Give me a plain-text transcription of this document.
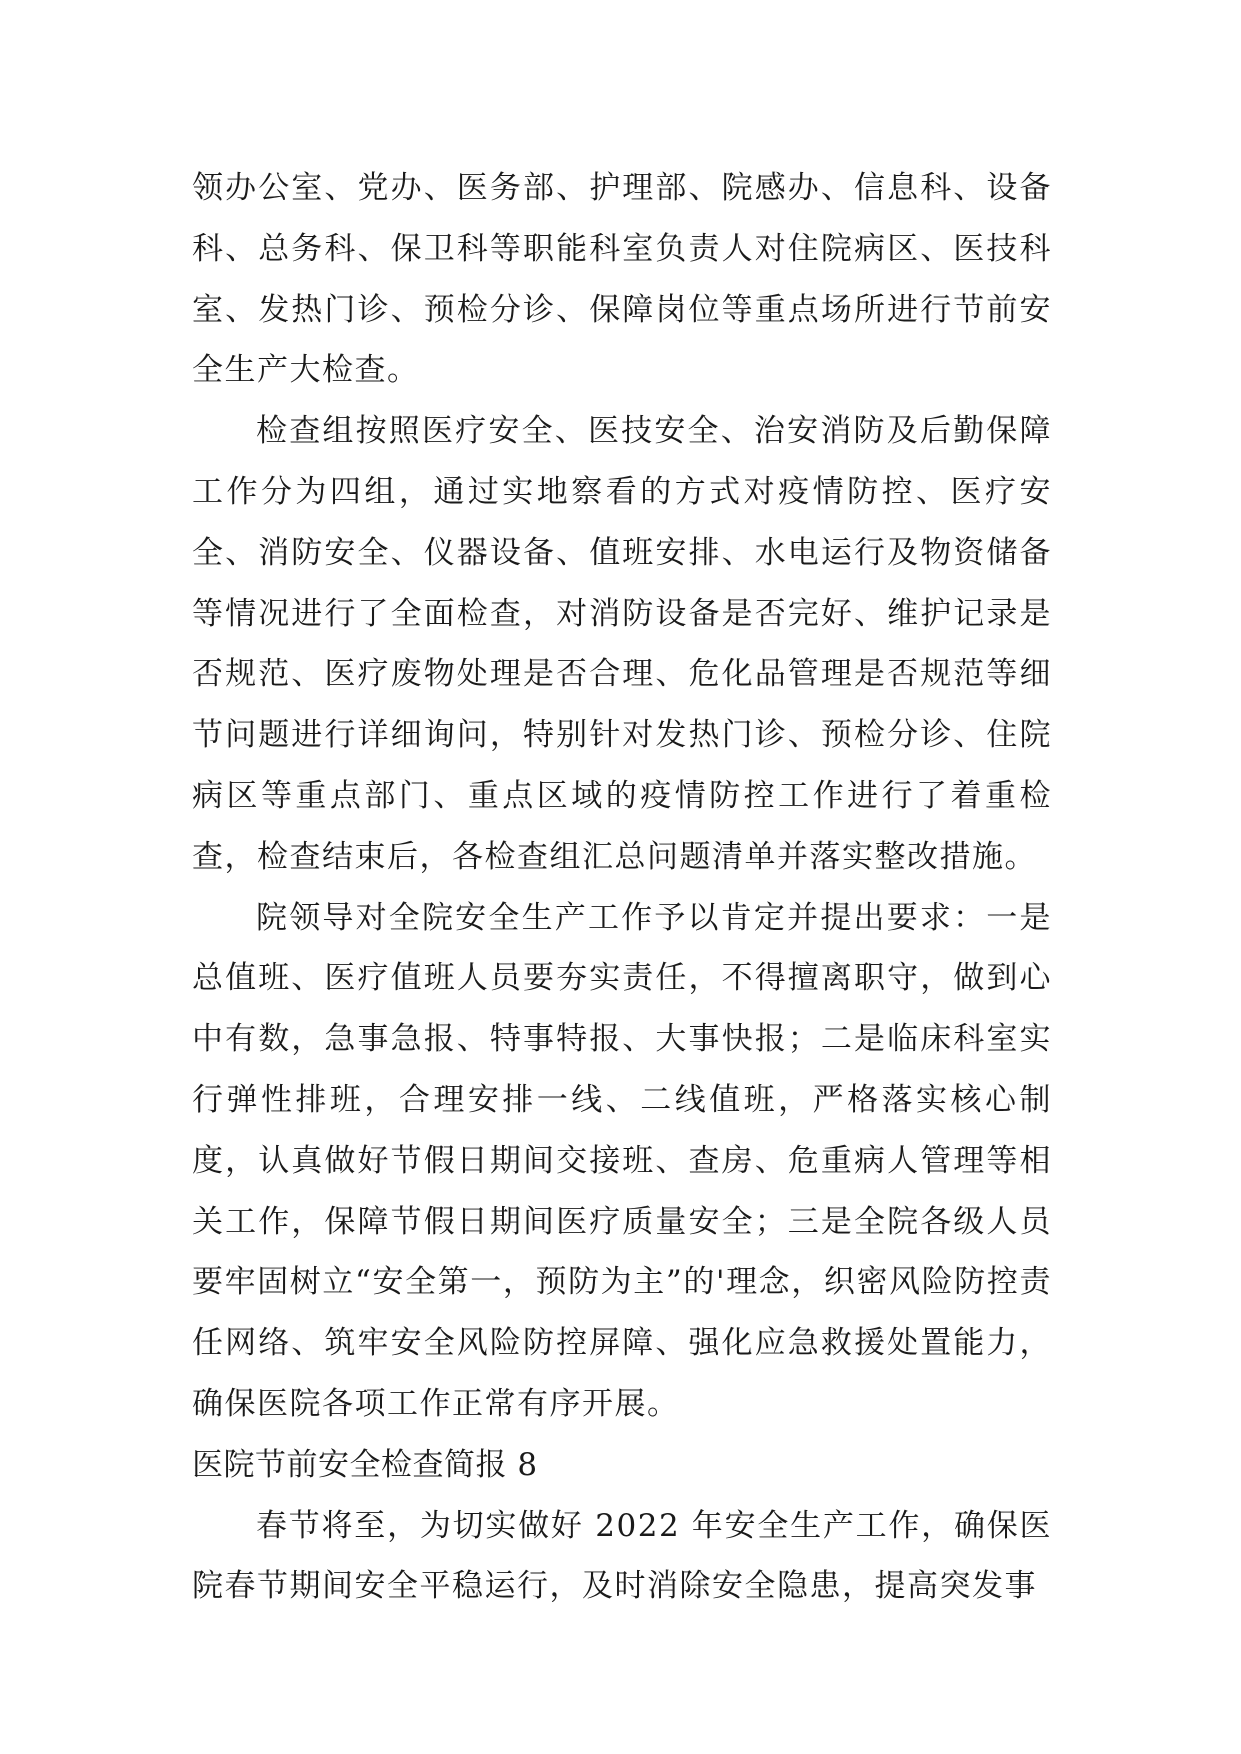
领办公室、党办、医务部、护理部、院感办、信息科、设备科、总务科、保卫科等职能科室负责人对住院病区、医技科室、发热门诊、预检分诊、保障岗位等重点场所进行节前安全生产大检查。

检查组按照医疗安全、医技安全、治安消防及后勤保障工作分为四组，通过实地察看的方式对疫情防控、医疗安全、消防安全、仪器设备、值班安排、水电运行及物资储备等情况进行了全面检查，对消防设备是否完好、维护记录是否规范、医疗废物处理是否合理、危化品管理是否规范等细节问题进行详细询问，特别针对发热门诊、预检分诊、住院病区等重点部门、重点区域的疫情防控工作进行了着重检查，检查结束后，各检查组汇总问题清单并落实整改措施。

院领导对全院安全生产工作予以肯定并提出要求：一是总值班、医疗值班人员要夯实责任，不得擅离职守，做到心中有数，急事急报、特事特报、大事快报；二是临床科室实行弹性排班，合理安排一线、二线值班，严格落实核心制度，认真做好节假日期间交接班、查房、危重病人管理等相关工作，保障节假日期间医疗质量安全；三是全院各级人员要牢固树立“安全第一，预防为主”的'理念，织密风险防控责任网络、筑牢安全风险防控屏障、强化应急救援处置能力，确保医院各项工作正常有序开展。

医院节前安全检查简报 8

春节将至，为切实做好 2022 年安全生产工作，确保医院春节期间安全平稳运行，及时消除安全隐患，提高突发事
